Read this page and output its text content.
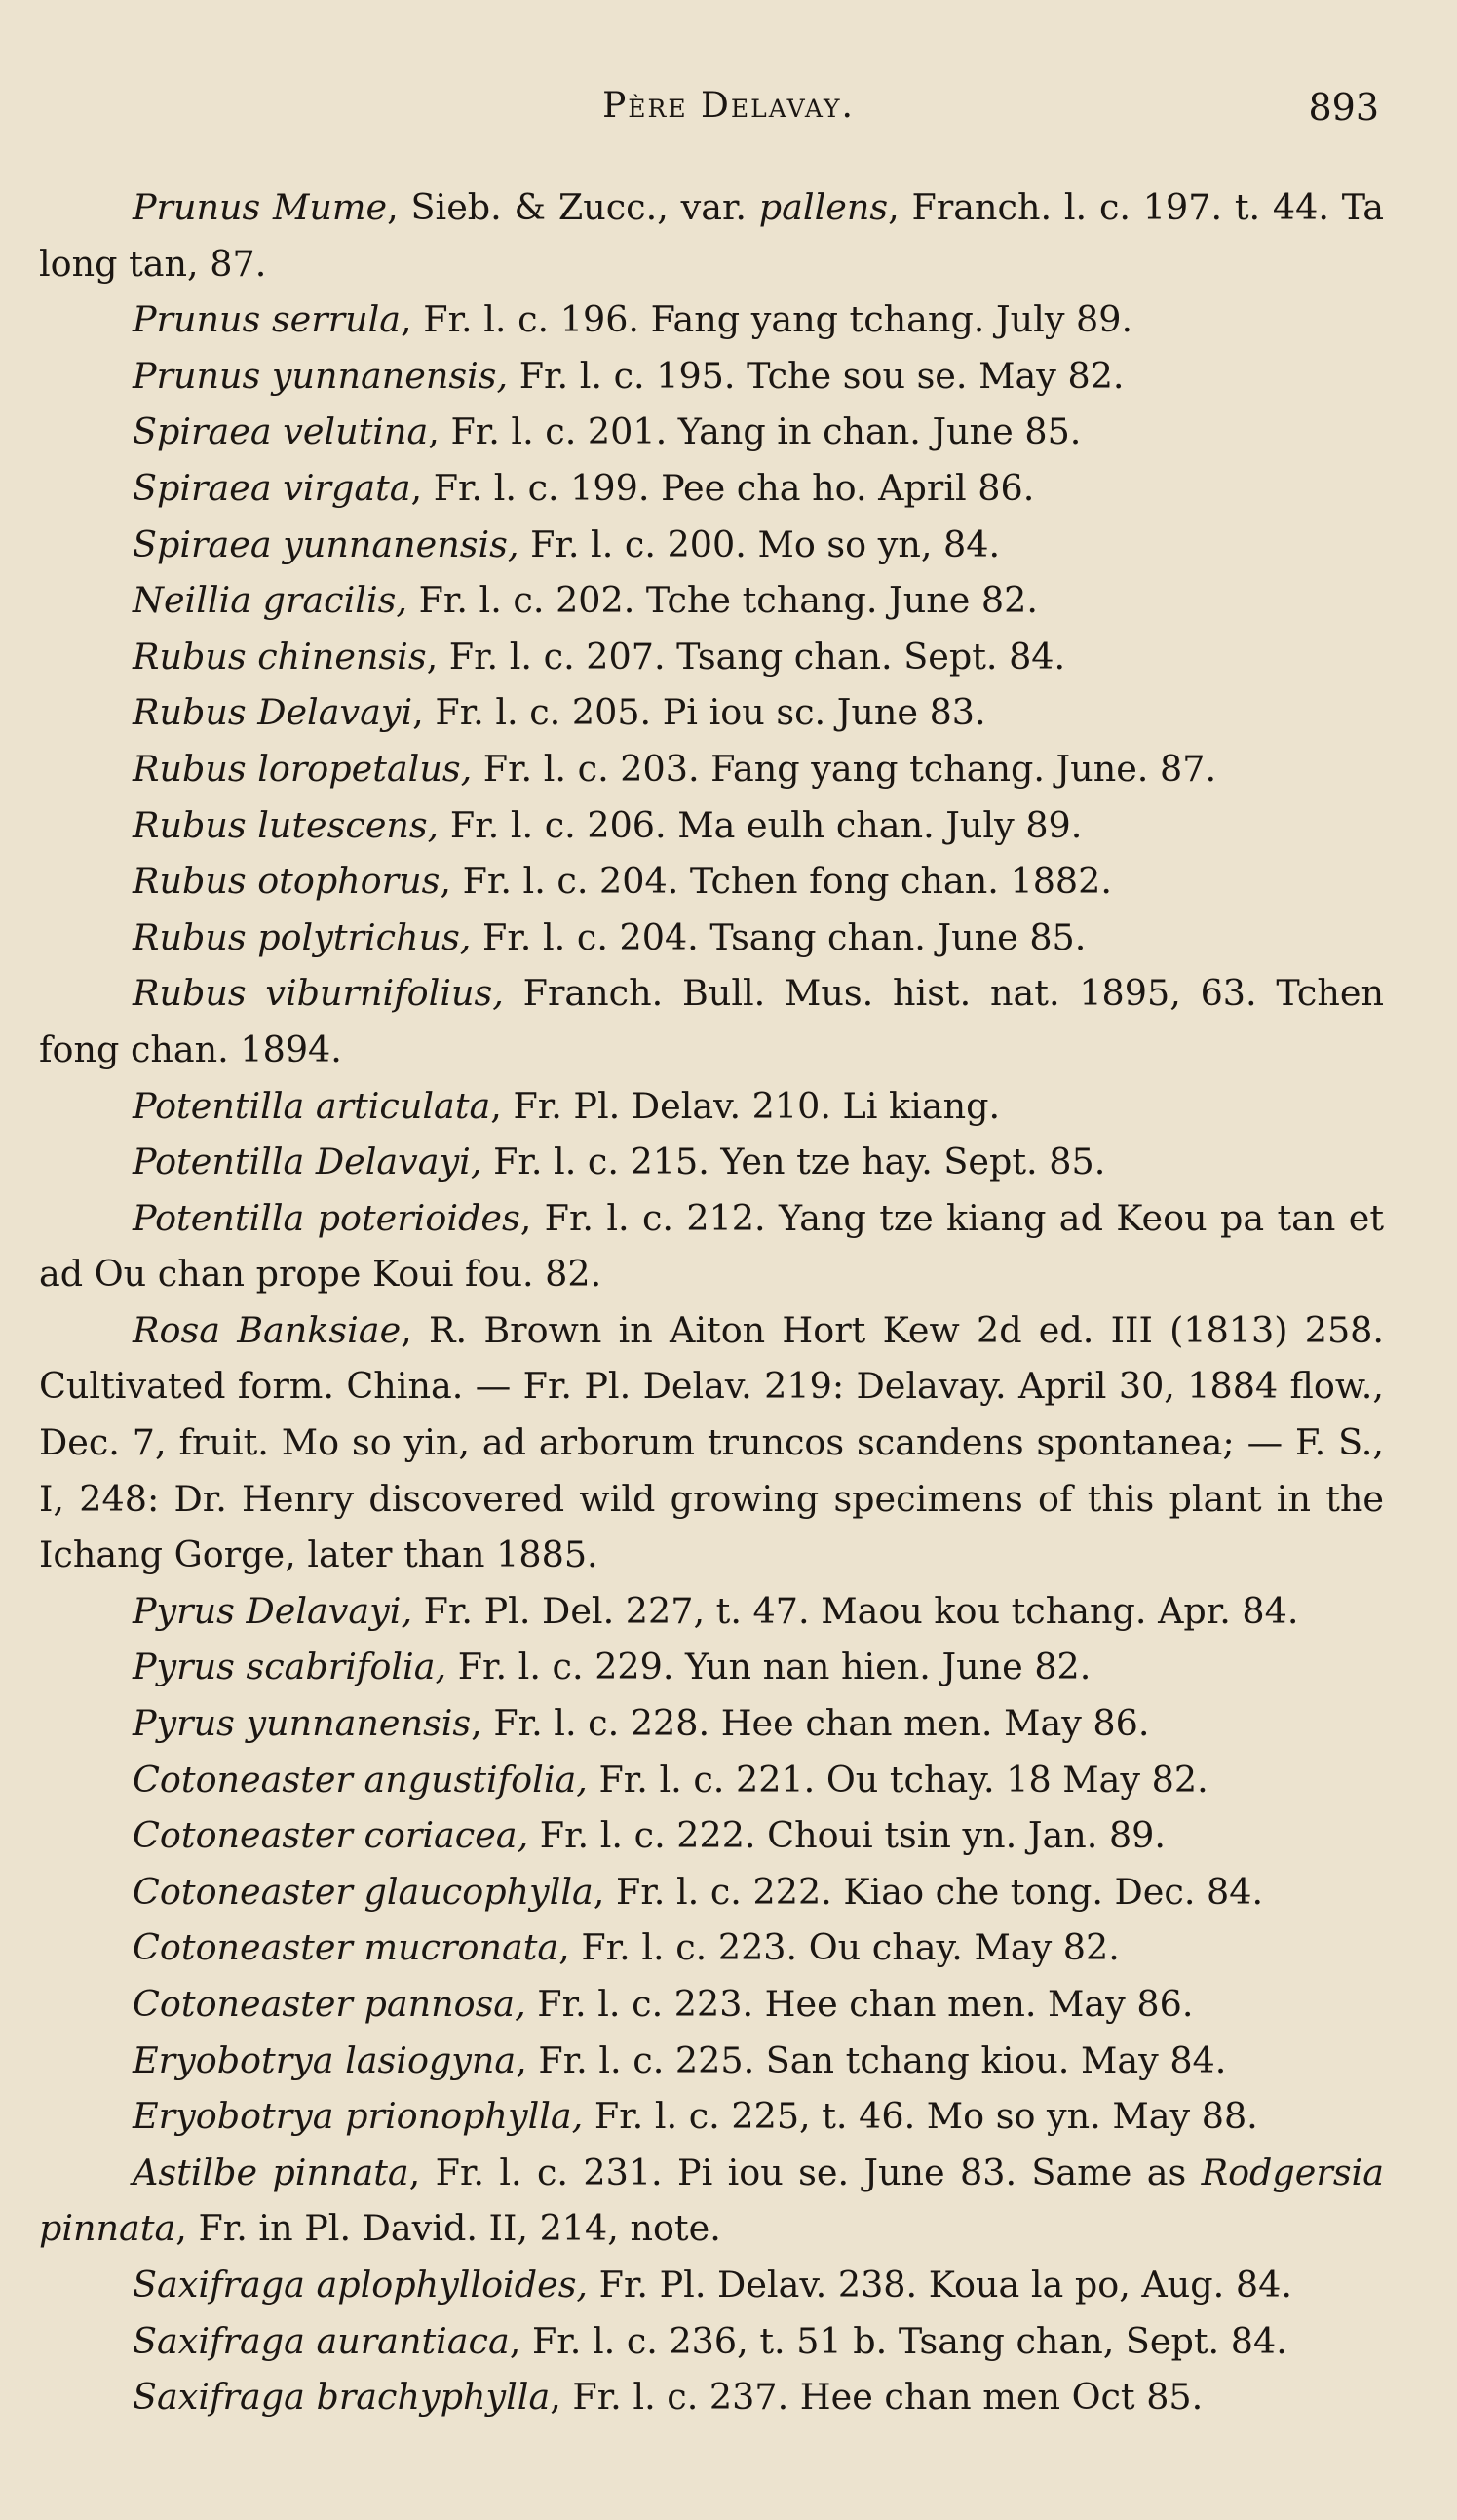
Père Delavay.	893

Prunus Mume, Sieb. & Zucc., var. pallens, Franch. l. c. 197. t. 44. Ta long tan, 87.

Prunus serrula, Fr. l. c. 196. Fang yang tchang. July 89.

Prunus yunnanensis, Fr. l. c. 195. Tche sou se. May 82.

Spiraea velutina, Fr. l. c. 201. Yang in chan. June 85.

Spiraea virgata, Fr. l. c. 199. Pee cha ho. April 86.

Spiraea yunnanensis, Fr. l. c. 200. Mo so yn, 84.

Neillia gracilis, Fr. l. c. 202. Tche tchang. June 82.

Rubus chinensis, Fr. l. c. 207. Tsang chan. Sept. 84.

Rubus Delavayi, Fr. l. c. 205. Pi iou sc. June 83.

Rubus loropetalus, Fr. l. c. 203. Fang yang tchang. June. 87.

Rubus lutescens, Fr. l. c. 206. Ma eulh chan. July 89.

Rubus otophorus, Fr. l. c. 204. Tchen fong chan. 1882.

Rubus polytrichus, Fr. l. c. 204. Tsang chan. June 85.

Rubus viburnifolius, Franch. Bull. Mus. hist. nat. 1895, 63. Tchen fong chan. 1894.

Potentilla articulata, Fr. Pl. Delav. 210. Li kiang.

Potentilla Delavayi, Fr. l. c. 215. Yen tze hay. Sept. 85.

Potentilla poterioides, Fr. l. c. 212. Yang tze kiang ad Keou pa tan et ad Ou chan prope Koui fou. 82.

Rosa Banksiae, R. Brown in Aiton Hort Kew 2d ed. III (1813) 258. Cultivated form. China. — Fr. Pl. Delav. 219: Delavay. April 30, 1884 flow., Dec. 7, fruit. Mo so yin, ad arborum truncos scandens spontanea; — F. S., I, 248: Dr. Henry discovered wild growing specimens of this plant in the Ichang Gorge, later than 1885.

Pyrus Delavayi, Fr. Pl. Del. 227, t. 47. Maou kou tchang. Apr. 84.

Pyrus scabrifolia, Fr. l. c. 229. Yun nan hien. June 82.

Pyrus yunnanensis, Fr. l. c. 228. Hee chan men. May 86.

Cotoneaster angustifolia, Fr. l. c. 221. Ou tchay. 18 May 82.

Cotoneaster coriacea, Fr. l. c. 222. Choui tsin yn. Jan. 89.

Cotoneaster glaucophylla, Fr. l. c. 222. Kiao che tong. Dec. 84.

Cotoneaster mucronata, Fr. l. c. 223. Ou chay. May 82.

Cotoneaster pannosa, Fr. l. c. 223. Hee chan men. May 86.

Eryobotrya lasiogyna, Fr. l. c. 225. San tchang kiou. May 84.

Eryobotrya prionophylla, Fr. l. c. 225, t. 46. Mo so yn. May 88.

Astilbe pinnata, Fr. l. c. 231. Pi iou se. June 83. Same as Rodgersia pinnata, Fr. in Pl. David. II, 214, note.

Saxifraga aplophylloides, Fr. Pl. Delav. 238. Koua la po, Aug. 84.

Saxifraga aurantiaca, Fr. l. c. 236, t. 51 b. Tsang chan, Sept. 84.

Saxifraga brachyphylla, Fr. l. c. 237. Hee chan men Oct 85.
